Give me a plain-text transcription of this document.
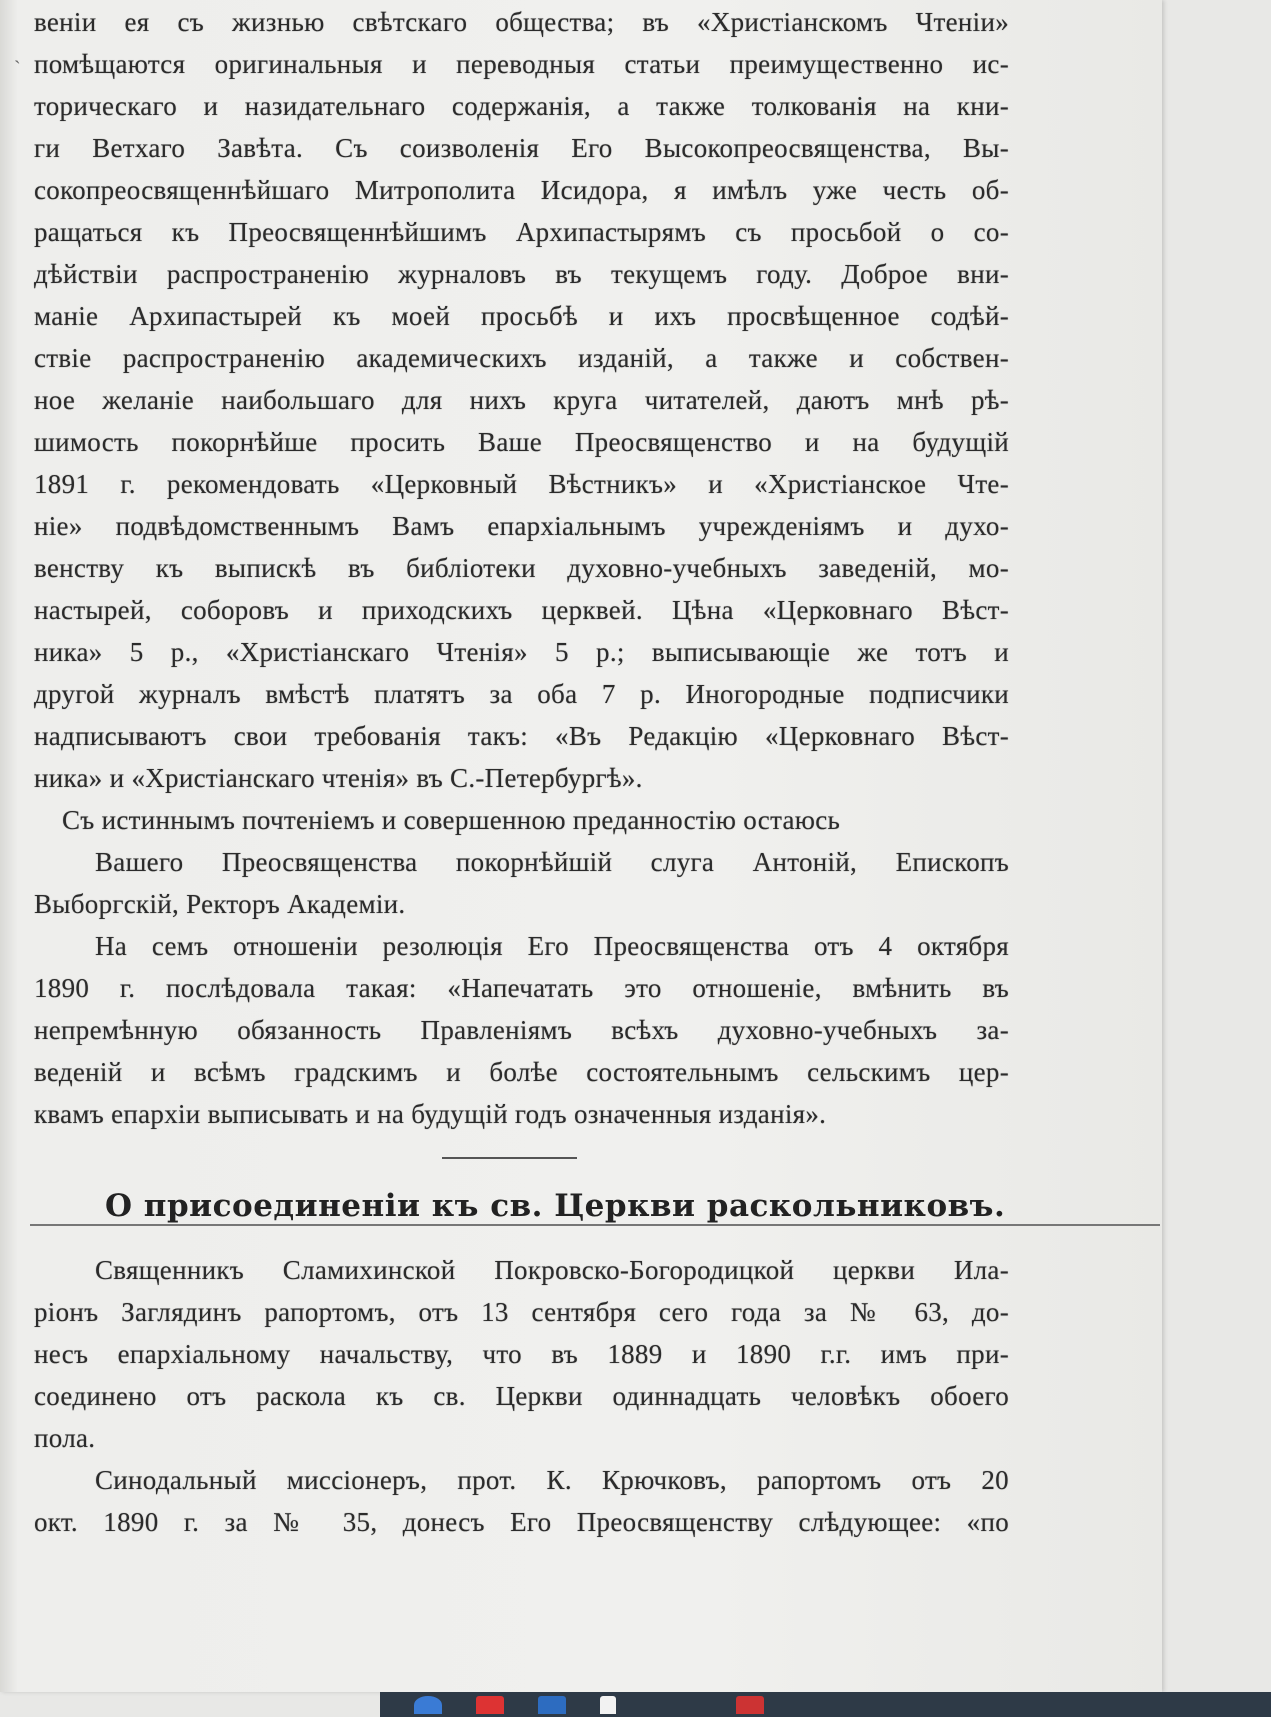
ˎ
веніи ея съ жизнью свѣтскаго общества; въ «Христіанскомъ Чтеніи»
помѣщаются оригинальныя и переводныя статьи преимущественно ис-
торическаго и назидательнаго содержанія, а также толкованія на кни-
ги Ветхаго Завѣта. Съ соизволенія Его Высокопреосвященства, Вы-
сокопреосвященнѣйшаго Митрополита Исидора, я имѣлъ уже честь об-
ращаться къ Преосвященнѣйшимъ Архипастырямъ съ просьбой о со-
дѣйствіи распространенію журналовъ въ текущемъ году. Доброе вни-
маніе Архипастырей къ моей просьбѣ и ихъ просвѣщенное содѣй-
ствіе распространенію академическихъ изданій, а также и собствен-
ное желаніе наибольшаго для нихъ круга читателей, даютъ мнѣ рѣ-
шимость покорнѣйше просить Ваше Преосвященство и на будущій
1891 г. рекомендовать «Церковный Вѣстникъ» и «Христіанское Чте-
ніе» подвѣдомственнымъ Вамъ епархіальнымъ учрежденіямъ и духо-
венству къ выпискѣ въ библіотеки духовно-учебныхъ заведеній, мо-
настырей, соборовъ и приходскихъ церквей. Цѣна «Церковнаго Вѣст-
ника» 5 р., «Христіанскаго Чтенія» 5 р.; выписывающіе же тотъ и
другой журналъ вмѣстѣ платятъ за оба 7 р. Иногородные подписчики
надписываютъ свои требованія такъ: «Въ Редакцію «Церковнаго Вѣст-
ника» и «Христіанскаго чтенія» въ С.-Петербургѣ».
Съ истиннымъ почтеніемъ и совершенною преданностію остаюсь
Вашего Преосвященства покорнѣйшій слуга Антоній, Епископъ
Выборгскій, Ректоръ Академіи.
На семъ отношеніи резолюція Его Преосвященства отъ 4 октября
1890 г. послѣдовала такая: «Напечатать это отношеніе, вмѣнить въ
непремѣнную обязанность Правленіямъ всѣхъ духовно-учебныхъ за-
веденій и всѣмъ градскимъ и болѣе состоятельнымъ сельскимъ цер-
квамъ епархіи выписывать и на будущій годъ означенныя изданія».
О присоединеніи къ св. Церкви раскольниковъ.
Священникъ Сламихинской Покровско-Богородицкой церкви Ила-
ріонъ Заглядинъ рапортомъ, отъ 13 сентября сего года за № 63, до-
несъ епархіальному начальству, что въ 1889 и 1890 г.г. имъ при-
соединено отъ раскола къ св. Церкви одиннадцать человѣкъ обоего
пола.
Синодальный миссіонеръ, прот. К. Крючковъ, рапортомъ отъ 20
окт. 1890 г. за № 35, донесъ Его Преосвященству слѣдующее: «по
